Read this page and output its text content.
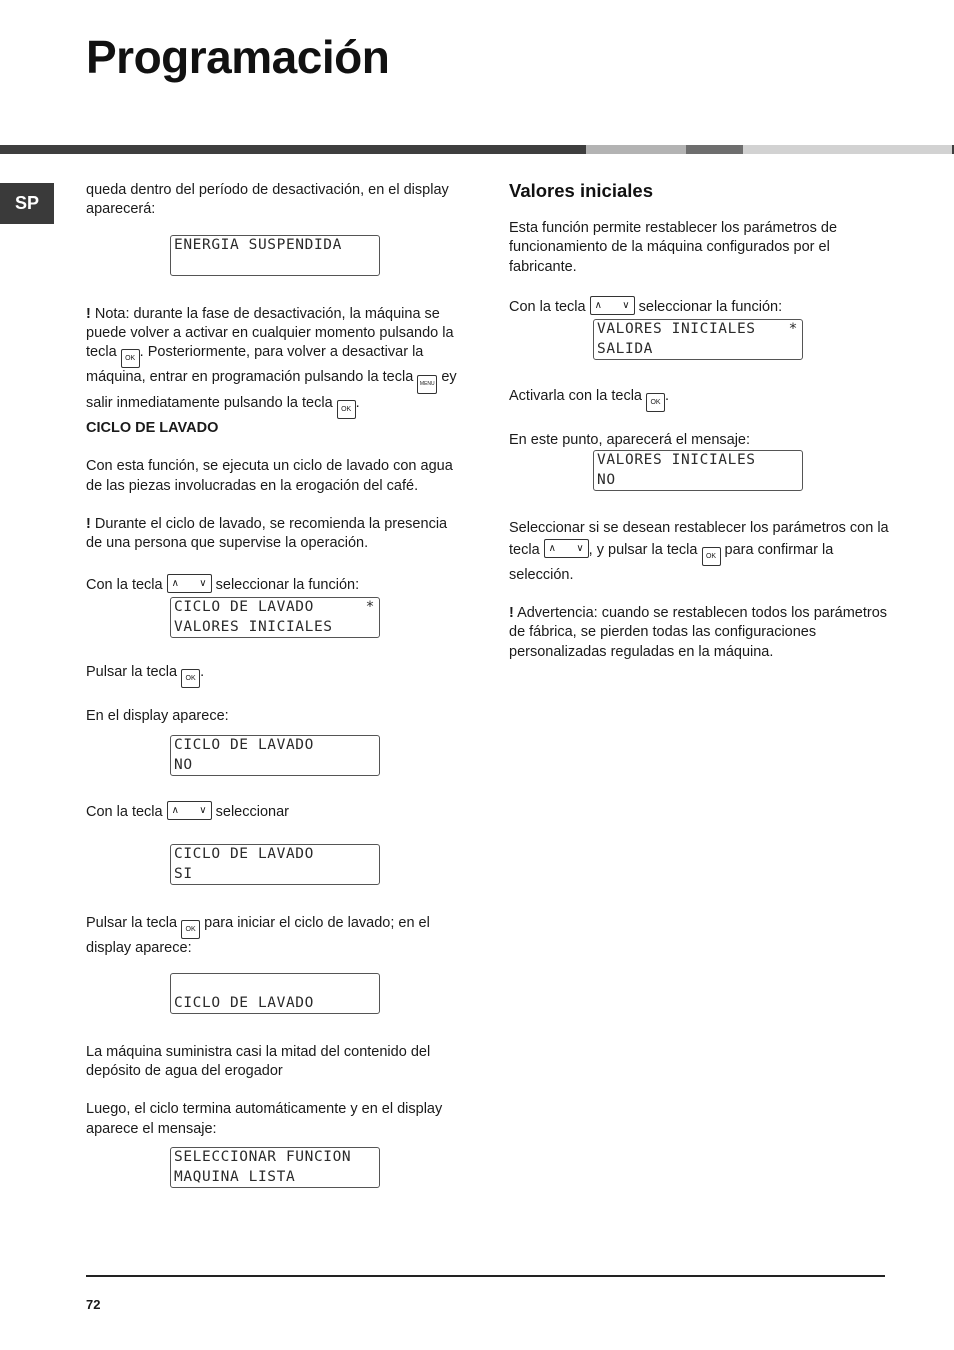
Programación
SP

queda dentro del período de desactivación, en el display aparecerá:

ENERGIA SUSPENDIDA

! Nota: durante la fase de desactivación, la máquina se puede volver a activar en cualquier momento pulsando la tecla OK . Posteriormente, para volver a desactivar la máquina, entrar en programación pulsando la tecla MENU ey salir inmediatamente pulsando la tecla OK .

CICLO DE LAVADO

Con esta función, se ejecuta un ciclo de lavado con agua de las piezas involucradas en la erogación del café.

! Durante el ciclo de lavado, se recomienda la presencia de una persona que supervise la operación.

Con la tecla ∧ ∨ seleccionar la función:

CICLO DE LAVADO	*
VALORES INICIALES

Pulsar la tecla OK .

En el display aparece:

CICLO DE LAVADO
NO

Con la tecla ∧ ∨ seleccionar

CICLO DE LAVADO
SI

Pulsar la tecla OK para iniciar el ciclo de lavado; en el display aparece:

CICLO DE LAVADO

La máquina suministra casi la mitad del contenido del depósito de agua del erogador

Luego, el ciclo termina automáticamente y en el display aparece el mensaje:

SELECCIONAR FUNCION
MAQUINA LISTA
Valores iniciales

Esta función permite restablecer los parámetros de funcionamiento de la máquina configurados por el fabricante.

Con la tecla ∧ ∨ seleccionar la función:

VALORES INICIALES *
SALIDA

Activarla con la tecla OK .

En este punto, aparecerá el mensaje:

VALORES INICIALES
NO

Seleccionar si se desean restablecer los parámetros con la tecla ∧ ∨ , y pulsar la tecla OK para confirmar la selección.

! Advertencia: cuando se restablecen todos los parámetros de fábrica, se pierden todas las configuraciones personalizadas reguladas en la máquina.

72
